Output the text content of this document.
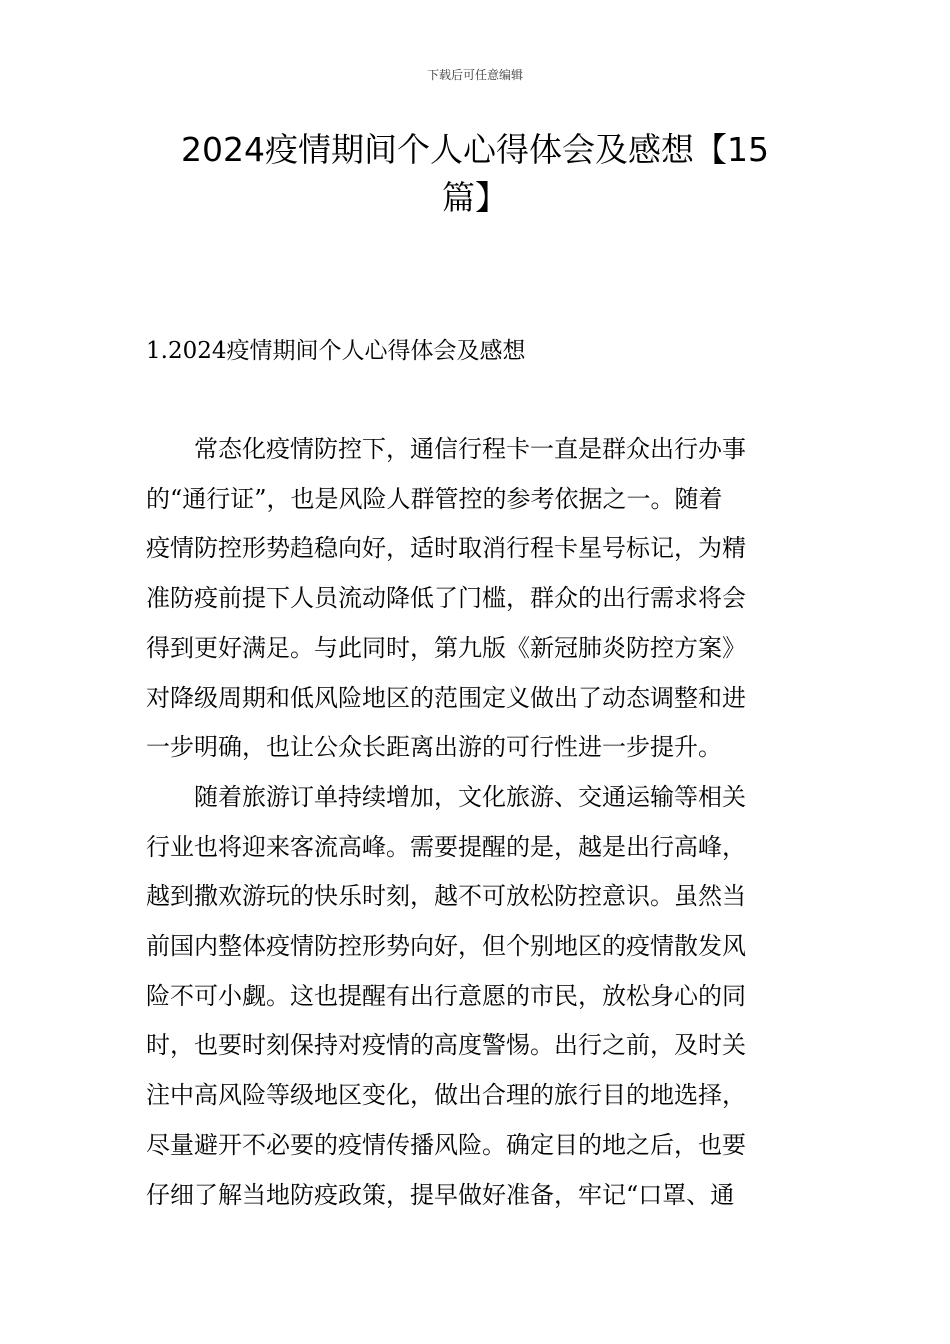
下载后可任意编辑
2024疫情期间个人心得体会及感想【15篇】
1.2024疫情期间个人心得体会及感想

常态化疫情防控下，通信行程卡一直是群众出行办事
的“通行证”，也是风险人群管控的参考依据之一。随着
疫情防控形势趋稳向好，适时取消行程卡星号标记，为精
准防疫前提下人员流动降低了门槛，群众的出行需求将会
得到更好满足。与此同时，第九版《新冠肺炎防控方案》
对降级周期和低风险地区的范围定义做出了动态调整和进
一步明确，也让公众长距离出游的可行性进一步提升。

随着旅游订单持续增加，文化旅游、交通运输等相关
行业也将迎来客流高峰。需要提醒的是，越是出行高峰，
越到撒欢游玩的快乐时刻，越不可放松防控意识。虽然当
前国内整体疫情防控形势向好，但个别地区的疫情散发风
险不可小觑。这也提醒有出行意愿的市民，放松身心的同
时，也要时刻保持对疫情的高度警惕。出行之前，及时关
注中高风险等级地区变化，做出合理的旅行目的地选择，
尽量避开不必要的疫情传播风险。确定目的地之后，也要
仔细了解当地防疫政策，提早做好准备，牢记“口罩、通
